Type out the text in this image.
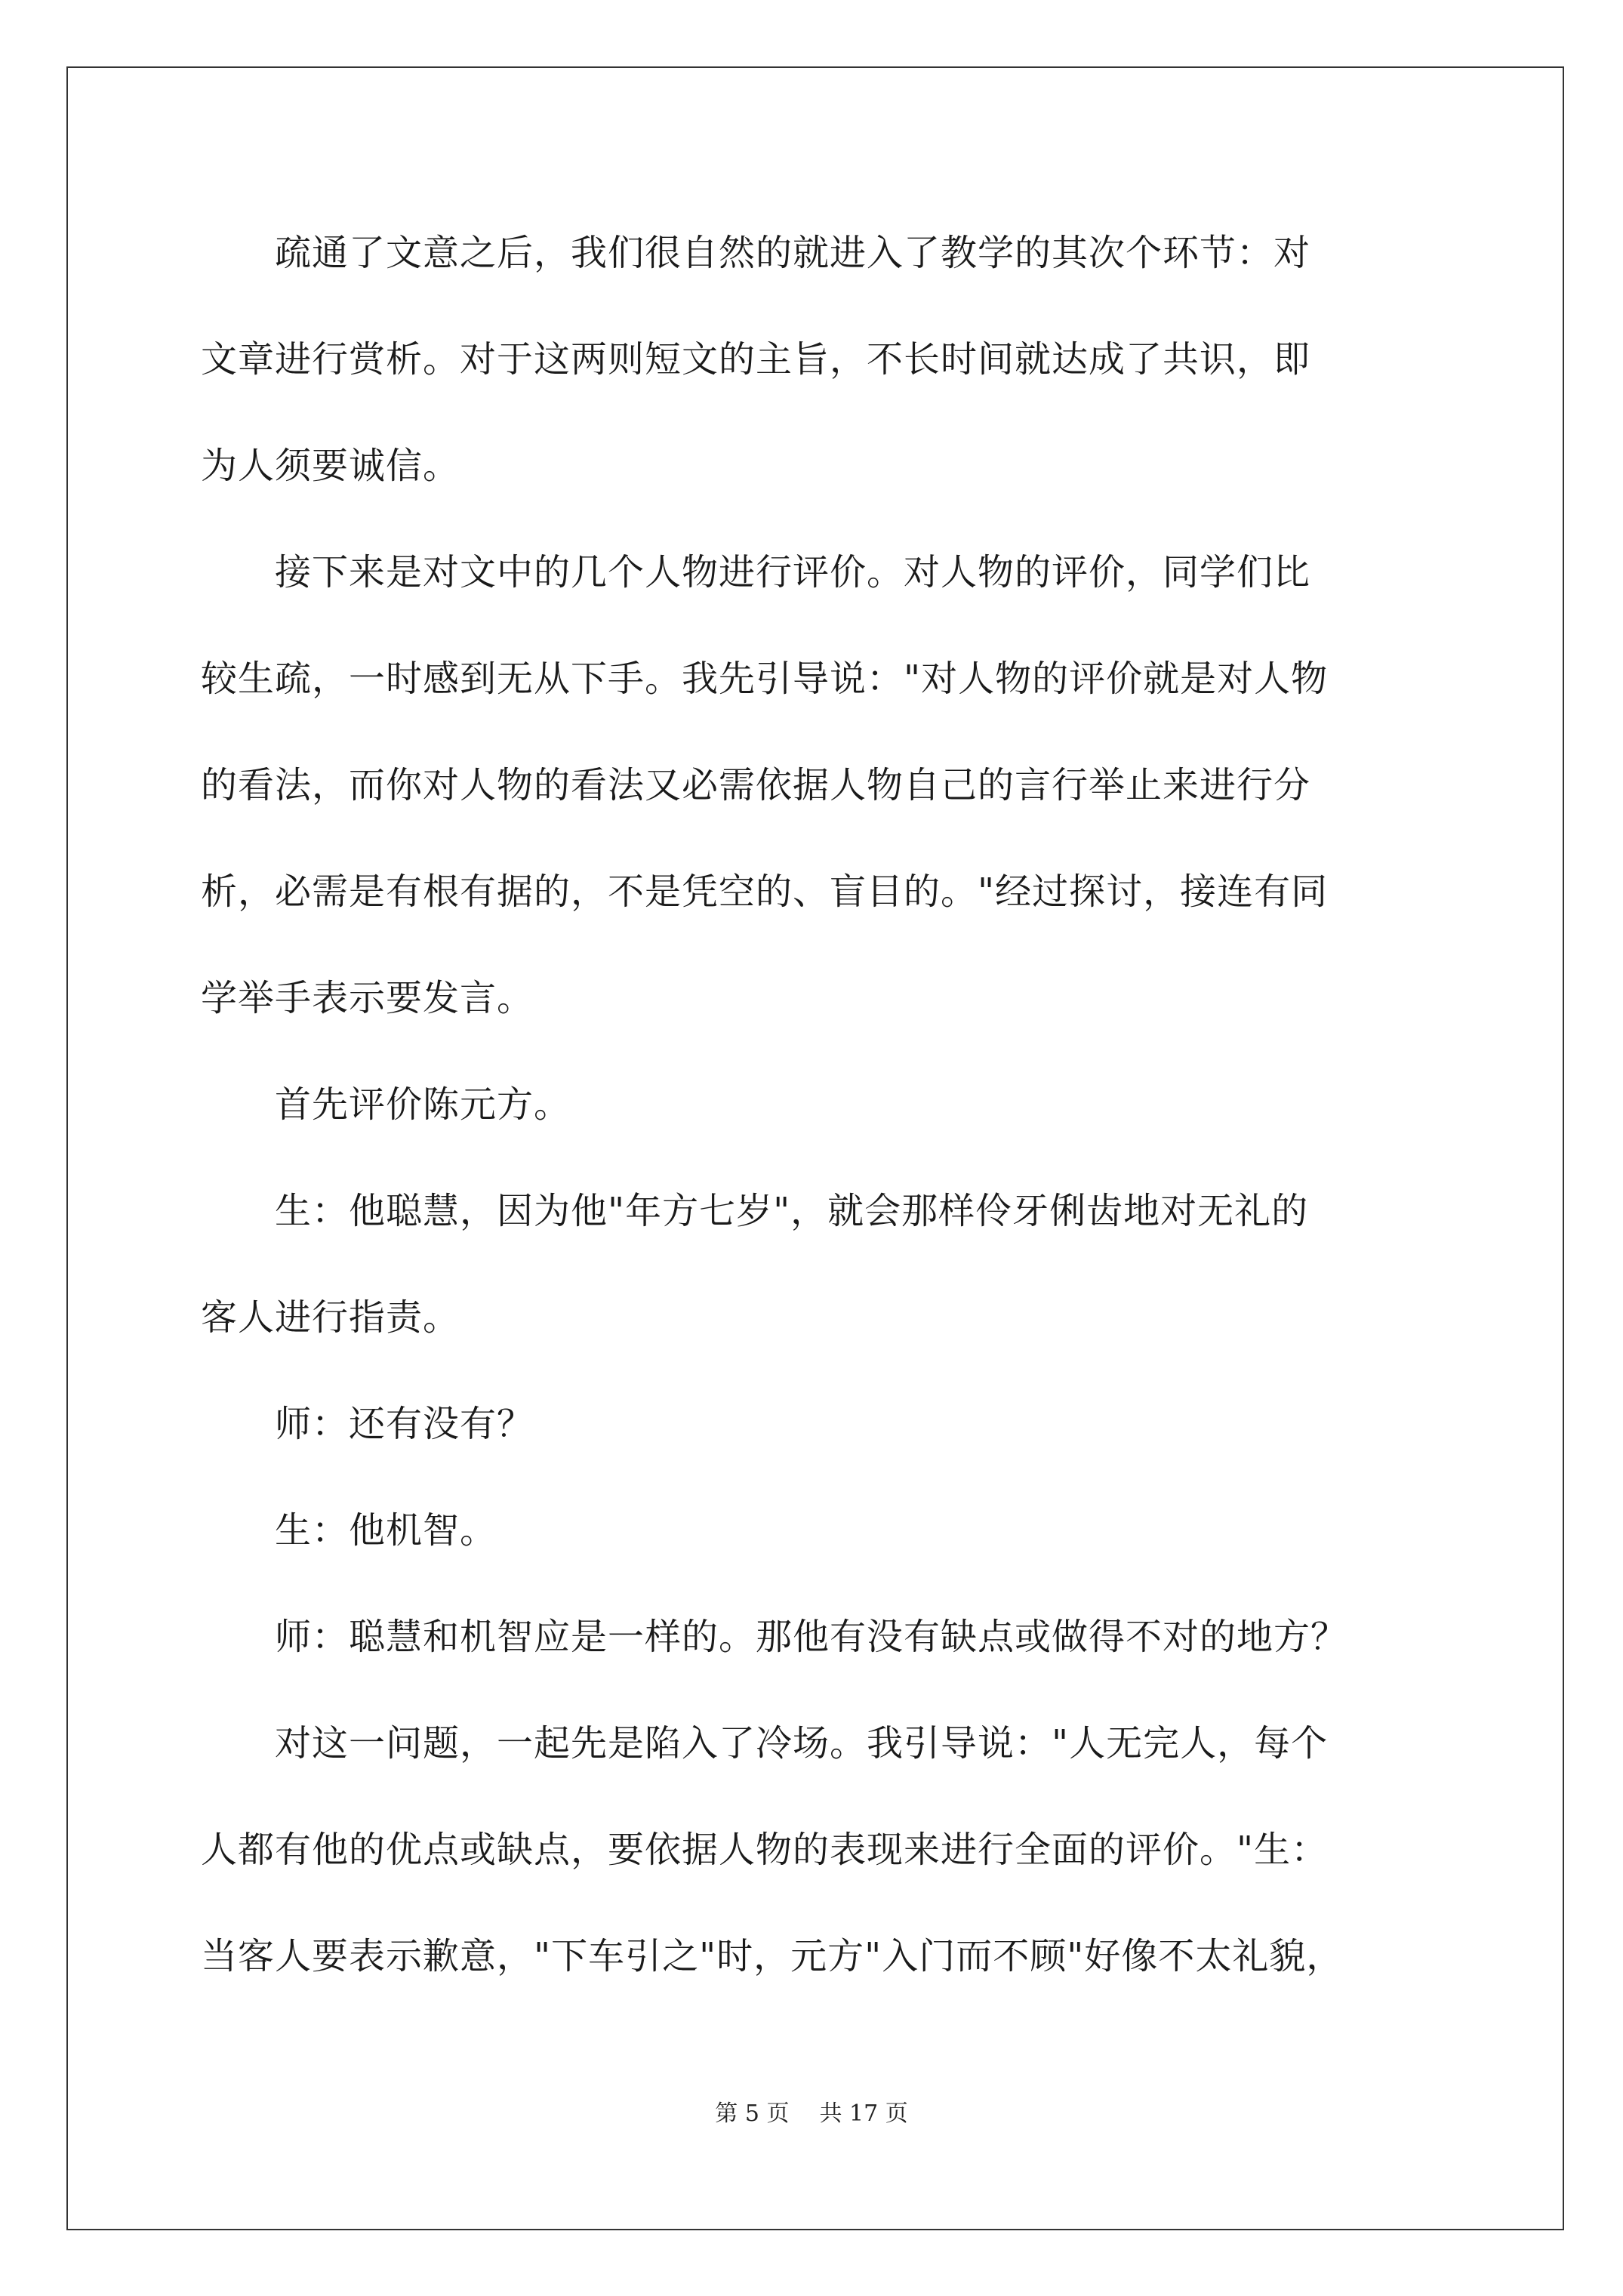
　　疏通了文意之后，我们很自然的就进入了教学的其次个环节：对
文章进行赏析。对于这两则短文的主旨，不长时间就达成了共识，即
为人须要诚信。
　　接下来是对文中的几个人物进行评价。对人物的评价，同学们比
较生疏，一时感到无从下手。我先引导说："对人物的评价就是对人物
的看法，而你对人物的看法又必需依据人物自己的言行举止来进行分
析，必需是有根有据的，不是凭空的、盲目的。"经过探讨，接连有同
学举手表示要发言。
　　首先评价陈元方。
　　生：他聪慧，因为他"年方七岁"，就会那样伶牙俐齿地对无礼的
客人进行指责。
　　师：还有没有？
　　生：他机智。
　　师：聪慧和机智应是一样的。那他有没有缺点或做得不对的地方？
　　对这一问题，一起先是陷入了冷场。我引导说："人无完人，每个
人都有他的优点或缺点，要依据人物的表现来进行全面的评价。"生：
当客人要表示歉意，"下车引之"时，元方"入门而不顾"好像不太礼貌，
第 5 页 共 17 页
